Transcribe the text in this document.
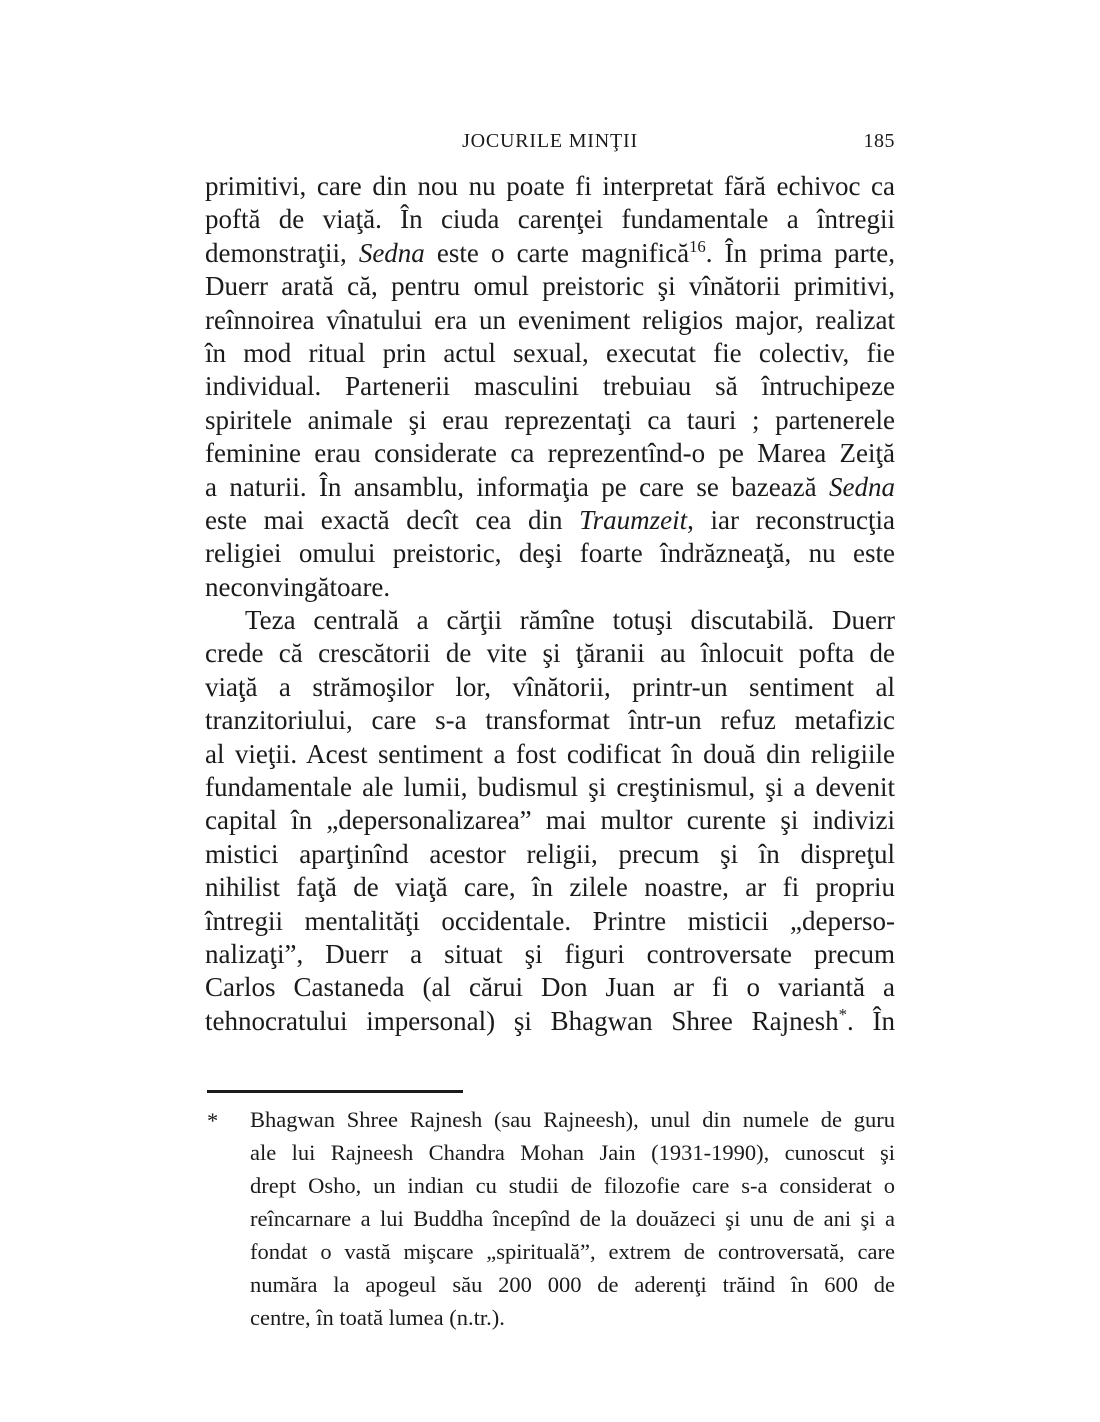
JOCURILE MINŢII	185
primitivi, care din nou nu poate fi interpretat fără echivoc ca
poftă de viaţă. În ciuda carenţei fundamentale a întregii
demonstraţii, Sedna este o carte magnifică$^{16}$. În prima parte,
Duerr arată că, pentru omul preistoric şi vînătorii primitivi,
reînnoirea vînatului era un eveniment religios major, realizat
în mod ritual prin actul sexual, executat fie colectiv, fie
individual. Partenerii masculini trebuiau să întruchipeze
spiritele animale şi erau reprezentaţi ca tauri ; partenerele
feminine erau considerate ca reprezentînd-o pe Marea Zeiţă
a naturii. În ansamblu, informaţia pe care se bazează Sedna
este mai exactă decît cea din Traumzeit, iar reconstrucţia
religiei omului preistoric, deşi foarte îndrăzneaţă, nu este
neconvingătoare.
Teza centrală a cărţii rămîne totuşi discutabilă. Duerr
crede că crescătorii de vite şi ţăranii au înlocuit pofta de
viaţă a strămoşilor lor, vînătorii, printr-un sentiment al
tranzitoriului, care s-a transformat într-un refuz metafizic
al vieţii. Acest sentiment a fost codificat în două din religiile
fundamentale ale lumii, budismul şi creştinismul, şi a devenit
capital în „depersonalizarea” mai multor curente şi indivizi
mistici aparţinînd acestor religii, precum şi în dispreţul
nihilist faţă de viaţă care, în zilele noastre, ar fi propriu
întregii mentalităţi occidentale. Printre misticii „deperso-
nalizaţi”, Duerr a situat şi figuri controversate precum
Carlos Castaneda (al cărui Don Juan ar fi o variantă a
tehnocratului impersonal) şi Bhagwan Shree Rajnesh*. În
* Bhagwan Shree Rajnesh (sau Rajneesh), unul din numele de guru
ale lui Rajneesh Chandra Mohan Jain (1931-1990), cunoscut şi
drept Osho, un indian cu studii de filozofie care s-a considerat o
reîncarnare a lui Buddha începînd de la douăzeci şi unu de ani şi a
fondat o vastă mişcare „spirituală”, extrem de controversată, care
număra la apogeul său 200 000 de aderenţi trăind în 600 de
centre, în toată lumea (n.tr.).
